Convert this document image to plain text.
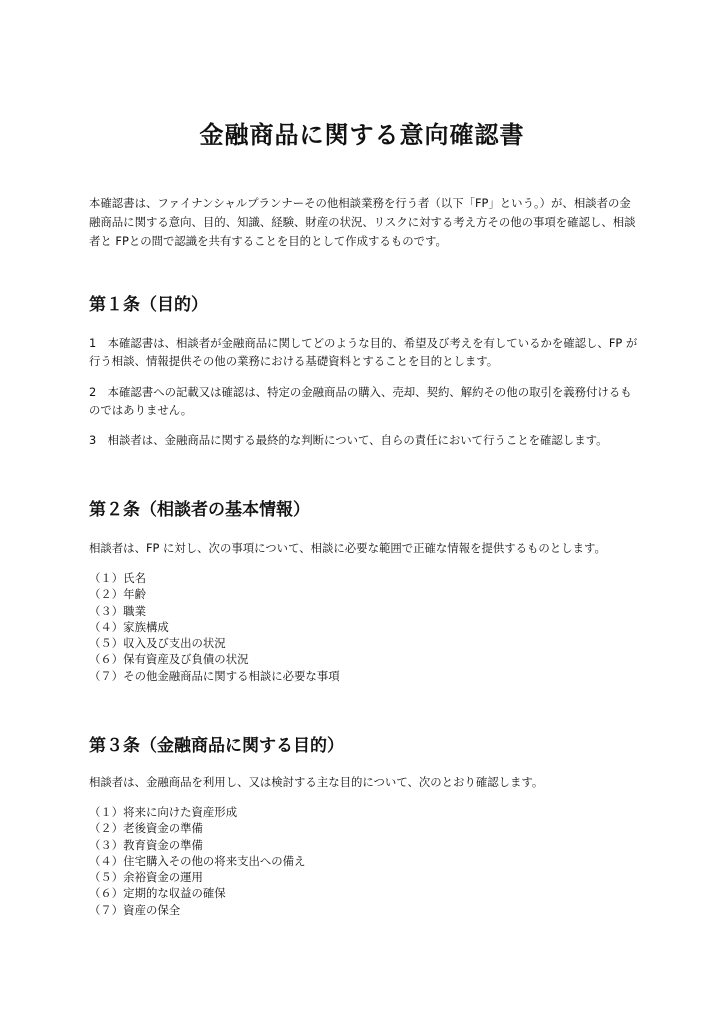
金融商品に関する意向確認書

本確認書は、ファイナンシャルプランナーその他相談業務を行う者（以下「FP」という。）が、相談者の金融商品に関する意向、目的、知識、経験、財産の状況、リスクに対する考え方その他の事項を確認し、相談者と FPとの間で認識を共有することを目的として作成するものです。

第１条（目的）

1　本確認書は、相談者が金融商品に関してどのような目的、希望及び考えを有しているかを確認し、FP が行う相談、情報提供その他の業務における基礎資料とすることを目的とします。

2　本確認書への記載又は確認は、特定の金融商品の購入、売却、契約、解約その他の取引を義務付けるものではありません。

3　相談者は、金融商品に関する最終的な判断について、自らの責任において行うことを確認します。

第２条（相談者の基本情報）

相談者は、FP に対し、次の事項について、相談に必要な範囲で正確な情報を提供するものとします。

（１）氏名
（２）年齢
（３）職業
（４）家族構成
（５）収入及び支出の状況
（６）保有資産及び負債の状況
（７）その他金融商品に関する相談に必要な事項
第３条（金融商品に関する目的）

相談者は、金融商品を利用し、又は検討する主な目的について、次のとおり確認します。

（１）将来に向けた資産形成
（２）老後資金の準備
（３）教育資金の準備
（４）住宅購入その他の将来支出への備え
（５）余裕資金の運用
（６）定期的な収益の確保
（７）資産の保全
